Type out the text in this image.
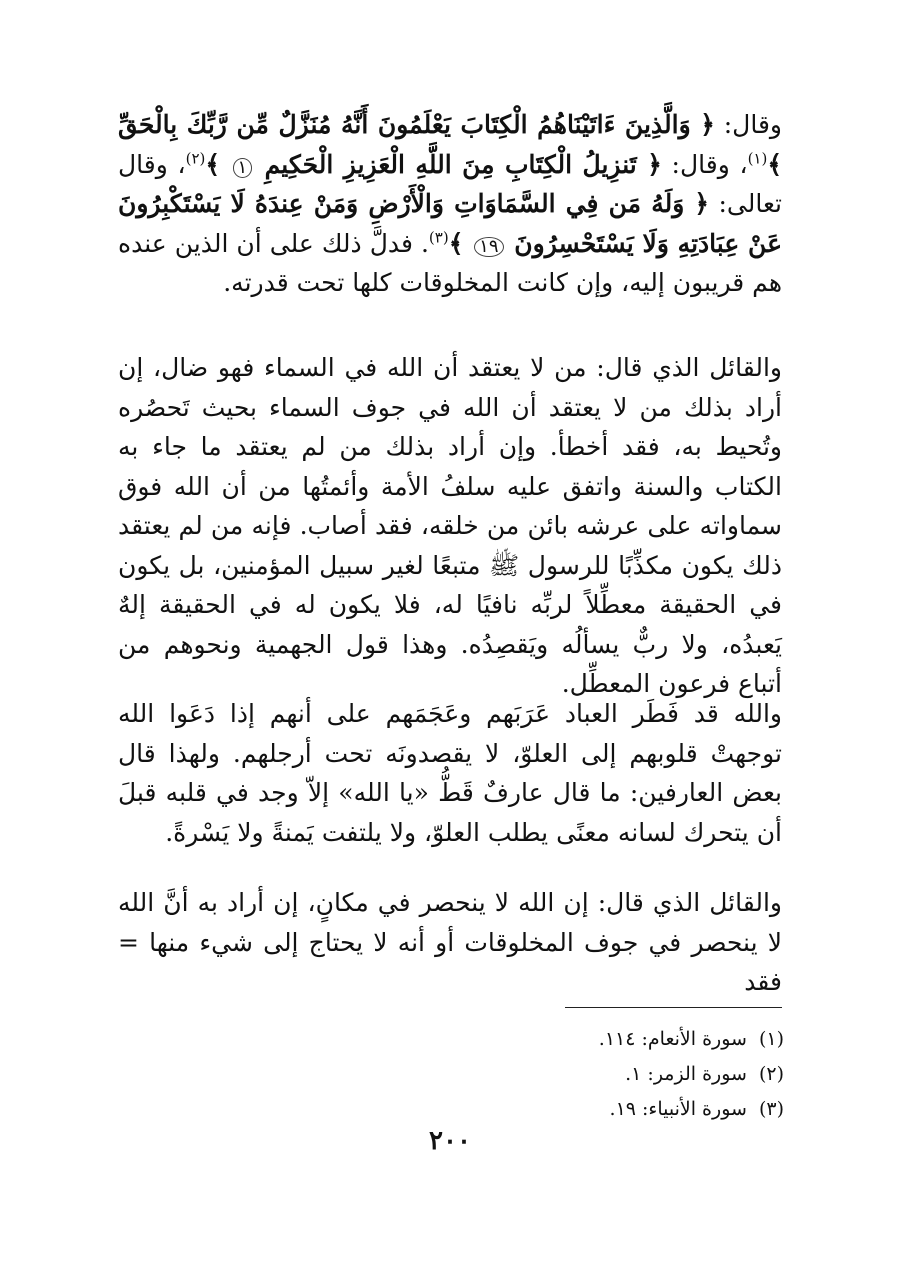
وقال: ﴿ وَالَّذِينَ ءَاتَيْنَاهُمُ الْكِتَابَ يَعْلَمُونَ أَنَّهُ مُنَزَّلٌ مِّن رَّبِّكَ بِالْحَقِّ ﴾$^{(١)}$، وقال: ﴿ تَنزِيلُ الْكِتَابِ مِنَ اللَّهِ الْعَزِيزِ الْحَكِيمِ ١ ﴾$^{(٢)}$، وقال تعالى: ﴿ وَلَهُ مَن فِي السَّمَاوَاتِ وَالْأَرْضِ وَمَنْ عِندَهُ لَا يَسْتَكْبِرُونَ عَنْ عِبَادَتِهِ وَلَا يَسْتَحْسِرُونَ ١٩ ﴾$^{(٣)}$. فدلَّ ذلك على أن الذين عنده هم قريبون إليه، وإن كانت المخلوقات كلها تحت قدرته.

والقائل الذي قال: من لا يعتقد أن الله في السماء فهو ضال، إن أراد بذلك من لا يعتقد أن الله في جوف السماء بحيث تَحصُره وتُحيط به، فقد أخطأ. وإن أراد بذلك من لم يعتقد ما جاء به الكتاب والسنة واتفق عليه سلفُ الأمة وأئمتُها من أن الله فوق سماواته على عرشه بائن من خلقه، فقد أصاب. فإنه من لم يعتقد ذلك يكون مكذِّبًا للرسول ﷺ متبعًا لغير سبيل المؤمنين، بل يكون في الحقيقة معطِّلاً لربِّه نافيًا له، فلا يكون له في الحقيقة إلهٌ يَعبدُه، ولا ربٌّ يسألُه ويَقصِدُه. وهذا قول الجهمية ونحوهم من أتباع فرعون المعطِّل.

والله قد فَطَر العباد عَرَبَهم وعَجَمَهم على أنهم إذا دَعَوا الله توجهتْ قلوبهم إلى العلوّ، لا يقصدونَه تحت أرجلهم. ولهذا قال بعض العارفين: ما قال عارفٌ قَطُّ «يا الله» إلاّ وجد في قلبه قبلَ أن يتحرك لسانه معنًى يطلب العلوّ، ولا يلتفت يَمنةً ولا يَسْرةً.

والقائل الذي قال: إن الله لا ينحصر في مكانٍ، إن أراد به أنَّ الله لا ينحصر في جوف المخلوقات أو أنه لا يحتاج إلى شيء منها = فقد

(١)سورة الأنعام: ١١٤.
(٢)سورة الزمر: ١.
(٣)سورة الأنبياء: ١٩.
٢٠٠
